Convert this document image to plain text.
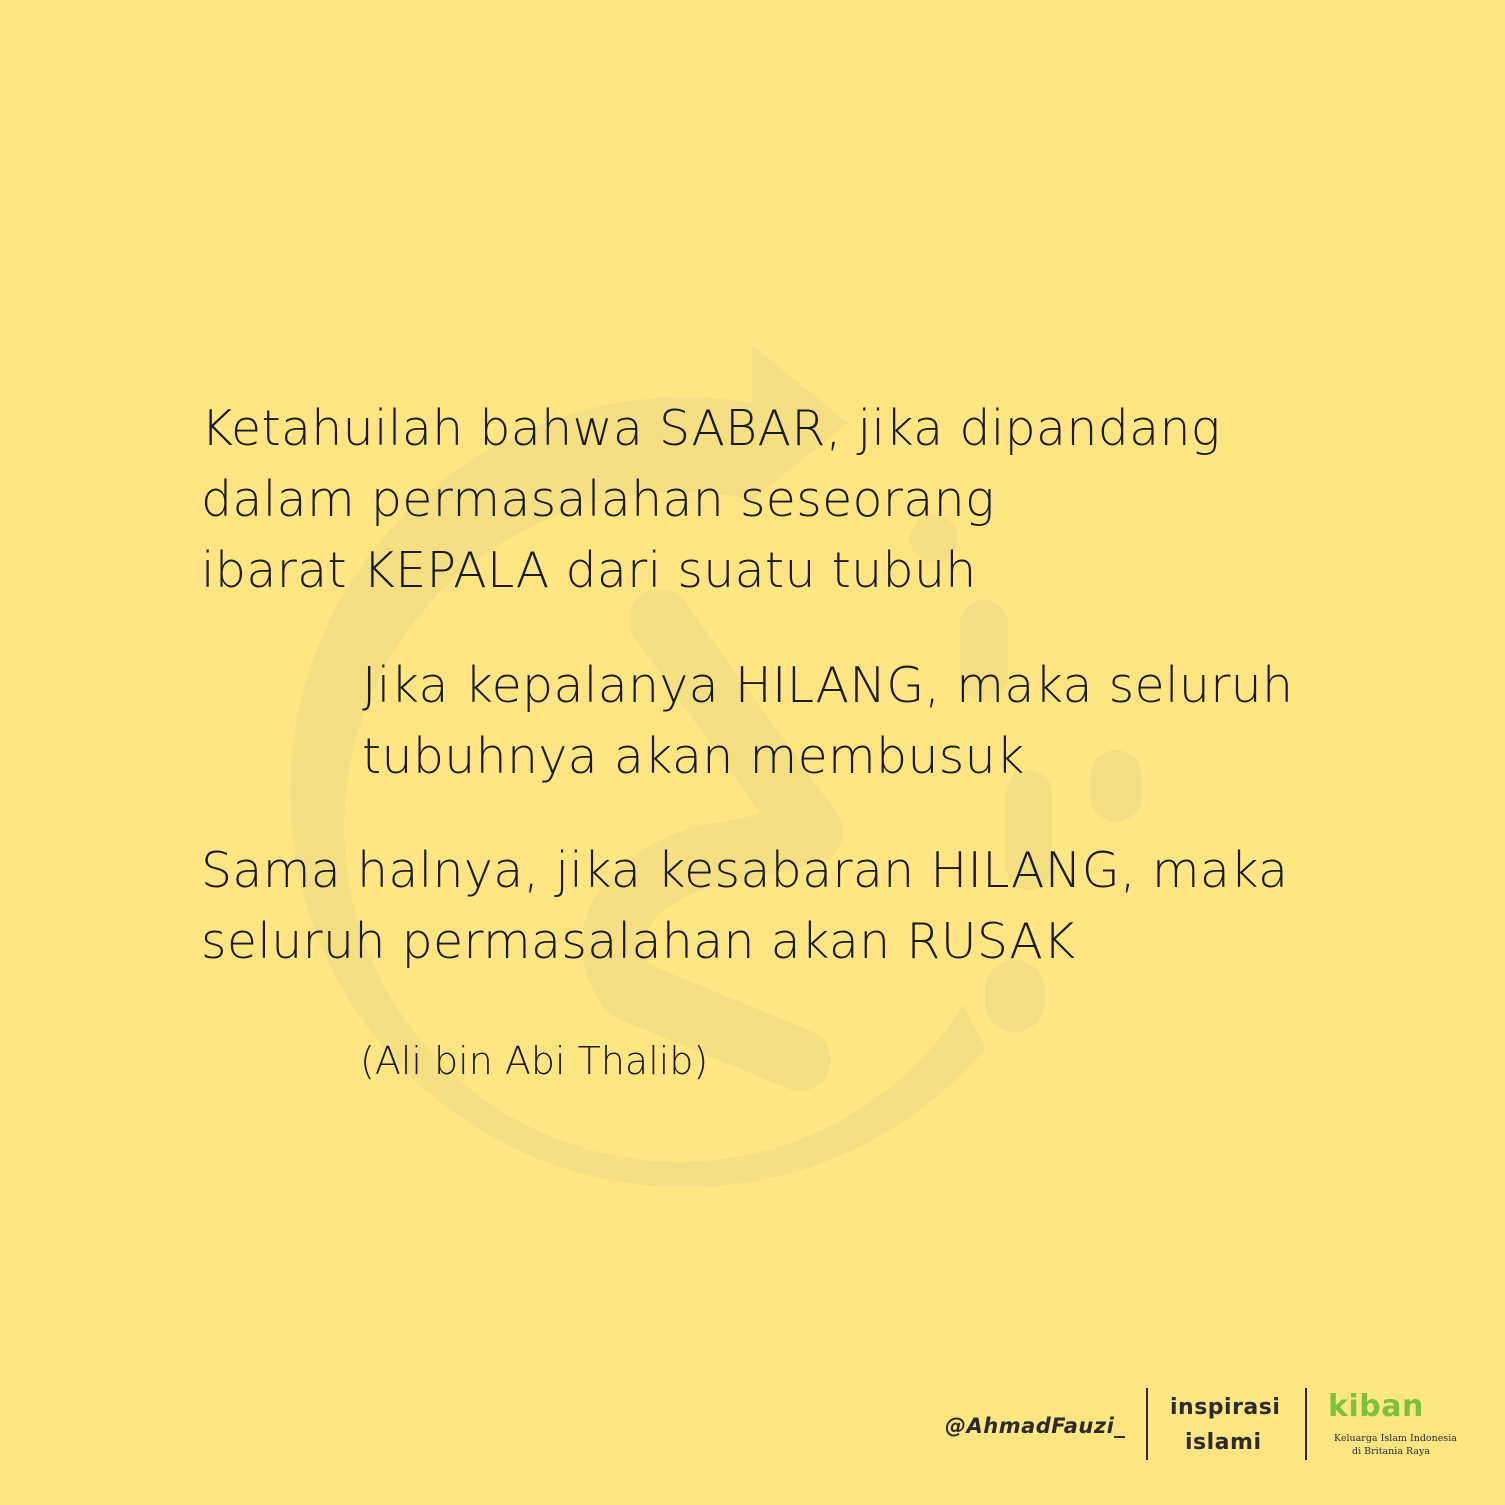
Ketahuilah bahwa SABAR, jika dipandang

dalam permasalahan seseorang

ibarat KEPALA dari suatu tubuh

Jika kepalanya HILANG, maka seluruh

tubuhnya akan membusuk

Sama halnya, jika kesabaran HILANG, maka

seluruh permasalahan akan RUSAK

(Ali bin Abi Thalib)

@AhmadFauzi_
inspirasi
islami
kiban
Keluarga Islam Indonesia
di Britania Raya
